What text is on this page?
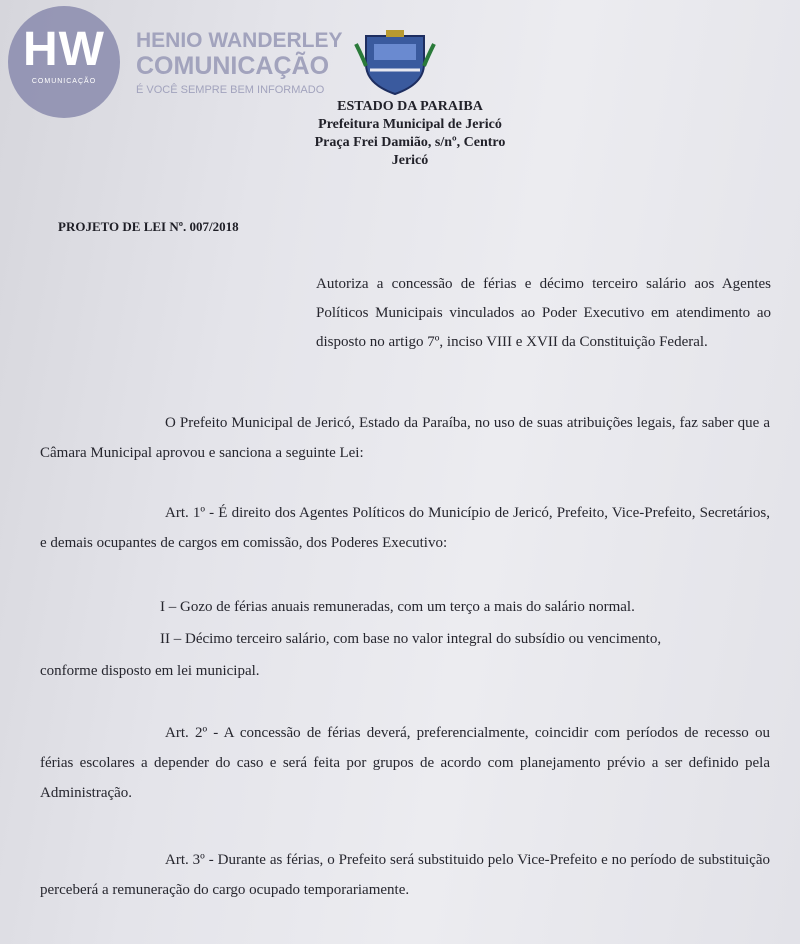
HW
COMUNICAÇÃO
HENIO WANDERLEY
COMUNICAÇÃO
É VOCÊ SEMPRE BEM INFORMADO
ESTADO DA PARAIBA
Prefeitura Municipal de Jericó
Praça Frei Damião, s/nº, Centro
Jericó
PROJETO DE LEI Nº. 007/2018

Autoriza a concessão de férias e décimo terceiro salário aos Agentes Políticos Municipais vinculados ao Poder Executivo em atendimento ao disposto no artigo 7º, inciso VIII e XVII da Constituição Federal.

O Prefeito Municipal de Jericó, Estado da Paraíba, no uso de suas atribuições legais, faz saber que a Câmara Municipal aprovou e sanciona a seguinte Lei:

Art. 1º - É direito dos Agentes Políticos do Município de Jericó, Prefeito, Vice-Prefeito, Secretários, e demais ocupantes de cargos em comissão, dos Poderes Executivo:

I – Gozo de férias anuais remuneradas, com um terço a mais do salário normal.
II – Décimo terceiro salário, com base no valor integral do subsídio ou vencimento,
conforme disposto em lei municipal.

Art. 2º - A concessão de férias deverá, preferencialmente, coincidir com períodos de recesso ou férias escolares a depender do caso e será feita por grupos de acordo com planejamento prévio a ser definido pela Administração.

Art. 3º - Durante as férias, o Prefeito será substituido pelo Vice-Prefeito e no período de substituição perceberá a remuneração do cargo ocupado temporariamente.
